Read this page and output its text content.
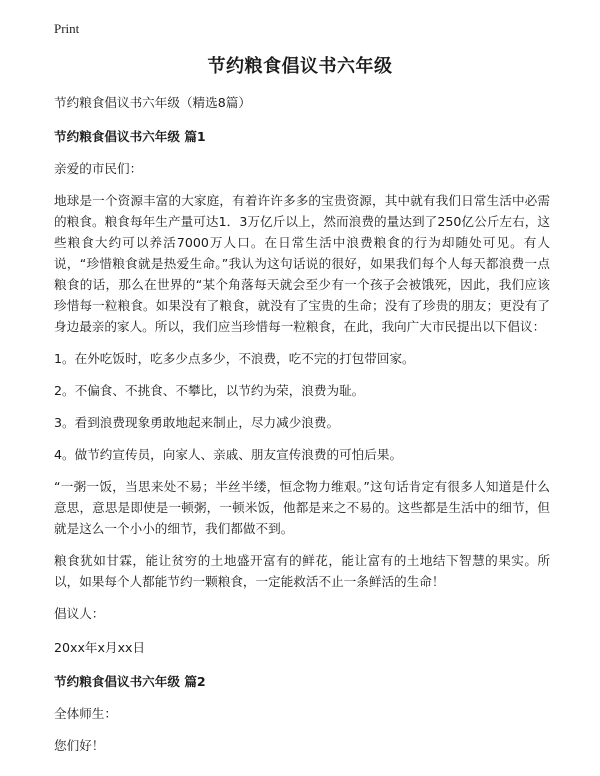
Print
节约粮食倡议书六年级

节约粮食倡议书六年级（精选8篇）

节约粮食倡议书六年级 篇1

亲爱的市民们：

地球是一个资源丰富的大家庭，有着许许多多的宝贵资源，其中就有我们日常生活中必需的粮食。粮食每年生产量可达1．3万亿斤以上，然而浪费的量达到了250亿公斤左右，这些粮食大约可以养活7000万人口。在日常生活中浪费粮食的行为却随处可见。有人说，“珍惜粮食就是热爱生命。”我认为这句话说的很好，如果我们每个人每天都浪费一点粮食的话，那么在世界的“某个角落每天就会至少有一个孩子会被饿死，因此，我们应该珍惜每一粒粮食。如果没有了粮食，就没有了宝贵的生命；没有了珍贵的朋友；更没有了身边最亲的家人。所以，我们应当珍惜每一粒粮食，在此，我向广大市民提出以下倡议：

1。在外吃饭时，吃多少点多少，不浪费，吃不完的打包带回家。

2。不偏食、不挑食、不攀比，以节约为荣，浪费为耻。

3。看到浪费现象勇敢地起来制止，尽力减少浪费。

4。做节约宣传员，向家人、亲戚、朋友宣传浪费的可怕后果。

“一粥一饭，当思来处不易；半丝半缕，恒念物力维艰。”这句话肯定有很多人知道是什么意思，意思是即使是一顿粥，一顿米饭，他都是来之不易的。这些都是生活中的细节，但就是这么一个小小的细节，我们都做不到。

粮食犹如甘霖，能让贫穷的土地盛开富有的鲜花，能让富有的土地结下智慧的果实。所以，如果每个人都能节约一颗粮食，一定能救活不止一条鲜活的生命！

倡议人：

20xx年x月xx日

节约粮食倡议书六年级 篇2

全体师生：

您们好！
